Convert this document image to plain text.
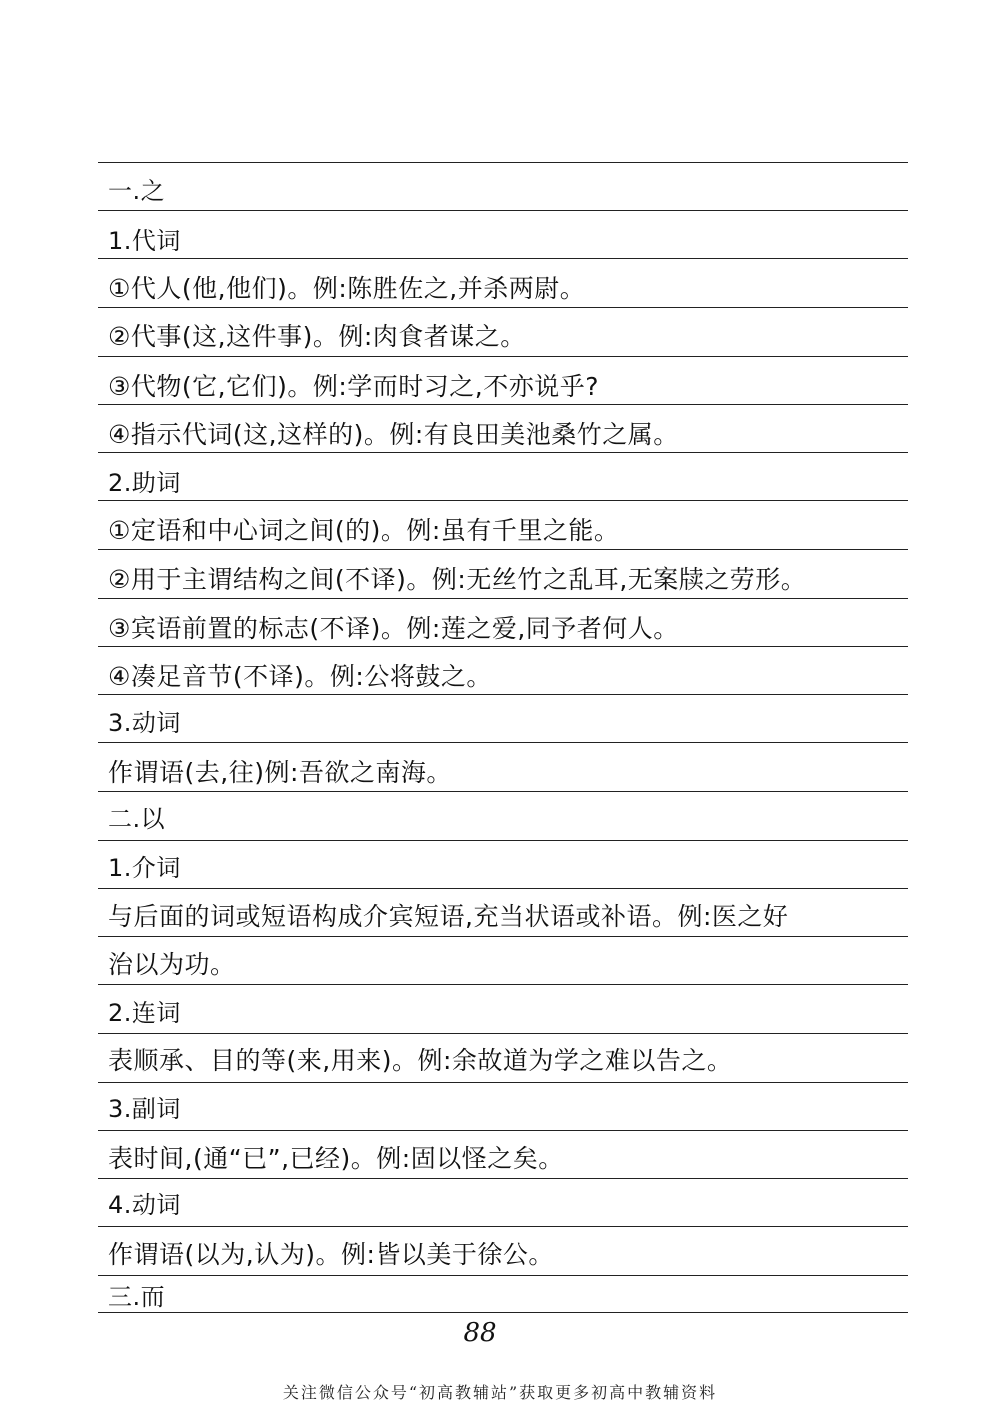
一.之
1.代词
①代人(他,他们)。例:陈胜佐之,并杀两尉。
②代事(这,这件事)。例:肉食者谋之。
③代物(它,它们)。例:学而时习之,不亦说乎?
④指示代词(这,这样的)。例:有良田美池桑竹之属。
2.助词
①定语和中心词之间(的)。例:虽有千里之能。
②用于主谓结构之间(不译)。例:无丝竹之乱耳,无案牍之劳形。
③宾语前置的标志(不译)。例:莲之爱,同予者何人。
④凑足音节(不译)。例:公将鼓之。
3.动词
作谓语(去,往)例:吾欲之南海。
二.以
1.介词
与后面的词或短语构成介宾短语,充当状语或补语。例:医之好
治以为功。
2.连词
表顺承、目的等(来,用来)。例:余故道为学之难以告之。
3.副词
表时间,(通“已”,已经)。例:固以怪之矣。
4.动词
作谓语(以为,认为)。例:皆以美于徐公。
三.而
88
关注微信公众号“初高教辅站”获取更多初高中教辅资料
